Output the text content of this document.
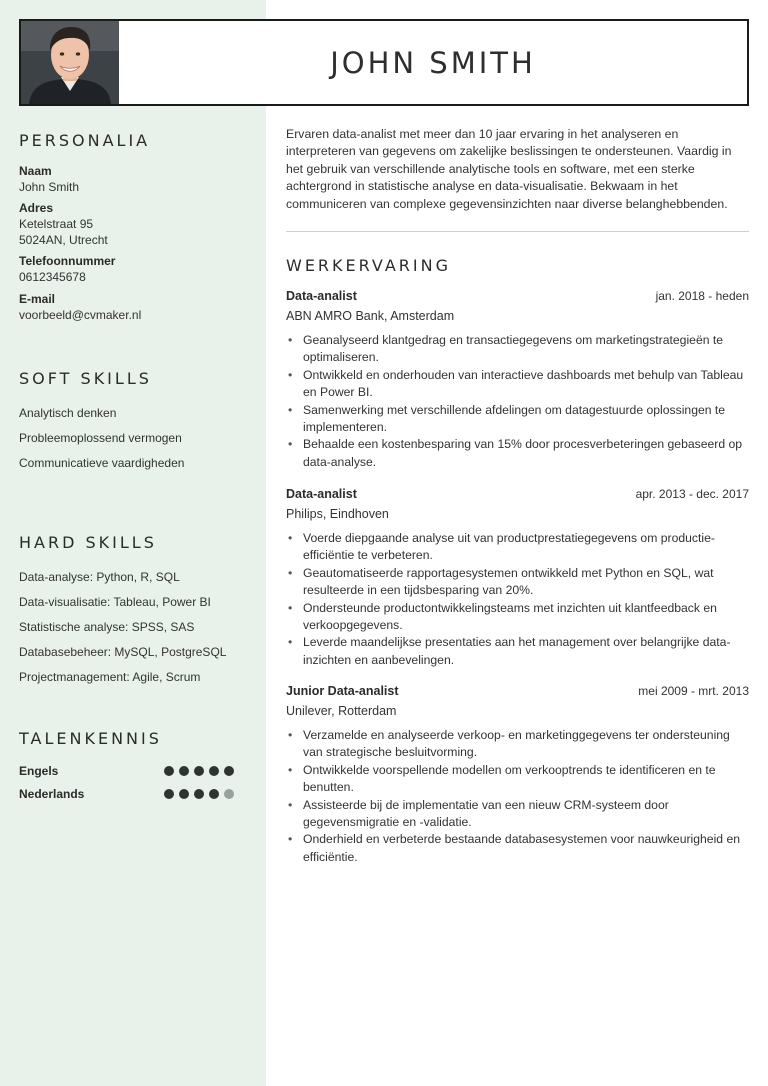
JOHN SMITH
PERSONALIA
Naam
John Smith
Adres
Ketelstraat 95
5024AN, Utrecht
Telefoonnummer
0612345678
E-mail
voorbeeld@cvmaker.nl
SOFT SKILLS
Analytisch denken
Probleemoplossend vermogen
Communicatieve vaardigheden
HARD SKILLS
Data-analyse: Python, R, SQL
Data-visualisatie: Tableau, Power BI
Statistische analyse: SPSS, SAS
Databasebeheer: MySQL, PostgreSQL
Projectmanagement: Agile, Scrum
TALENKENNIS
Engels
Nederlands
Ervaren data-analist met meer dan 10 jaar ervaring in het analyseren en interpreteren van gegevens om zakelijke beslissingen te ondersteunen. Vaardig in het gebruik van verschillende analytische tools en software, met een sterke achtergrond in statistische analyse en data-visualisatie. Bekwaam in het communiceren van complexe gegevensinzichten naar diverse belanghebbenden.
WERKERVARING
Data-analist	jan. 2018 - heden
ABN AMRO Bank, Amsterdam
• Geanalyseerd klantgedrag en transactiegegevens om marketingstrategieën te optimaliseren.
• Ontwikkeld en onderhouden van interactieve dashboards met behulp van Tableau en Power BI.
• Samenwerking met verschillende afdelingen om datagestuurde oplossingen te implementeren.
• Behaalde een kostenbesparing van 15% door procesverbeteringen gebaseerd op data-analyse.
Data-analist	apr. 2013 - dec. 2017
Philips, Eindhoven
• Voerde diepgaande analyse uit van productprestatiegegevens om productie-efficiëntie te verbeteren.
• Geautomatiseerde rapportagesystemen ontwikkeld met Python en SQL, wat resulteerde in een tijdsbesparing van 20%.
• Ondersteunde productontwikkelingsteams met inzichten uit klantfeedback en verkoopgegevens.
• Leverde maandelijkse presentaties aan het management over belangrijke data-inzichten en aanbevelingen.
Junior Data-analist	mei 2009 - mrt. 2013
Unilever, Rotterdam
• Verzamelde en analyseerde verkoop- en marketinggegevens ter ondersteuning van strategische besluitvorming.
• Ontwikkelde voorspellende modellen om verkooptrends te identificeren en te benutten.
• Assisteerde bij de implementatie van een nieuw CRM-systeem door gegevensmigratie en -validatie.
• Onderhield en verbeterde bestaande databasesystemen voor nauwkeurigheid en efficiëntie.
